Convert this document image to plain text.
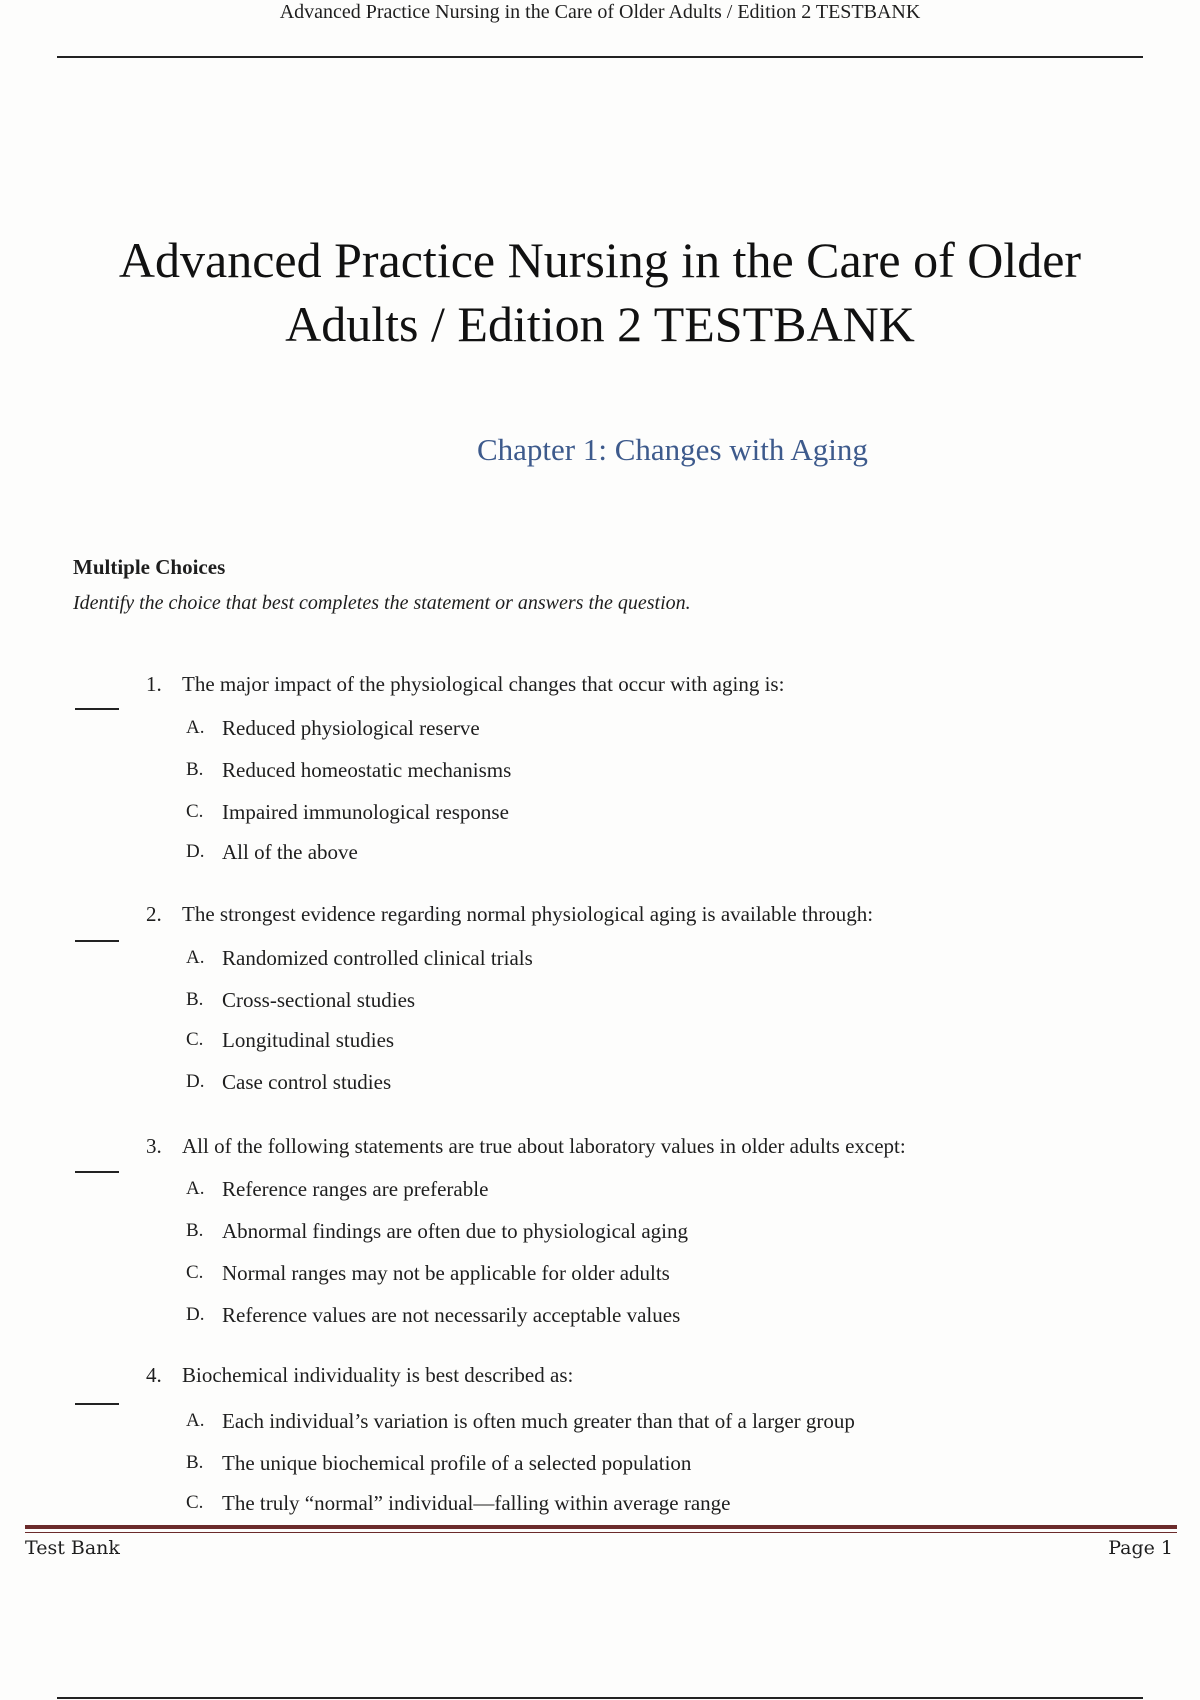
Advanced Practice Nursing in the Care of Older Adults / Edition 2 TESTBANK
Advanced Practice Nursing in the Care of Older
Adults / Edition 2 TESTBANK
Chapter 1: Changes with Aging
Multiple Choices
Identify the choice that best completes the statement or answers the question.
1. The major impact of the physiological changes that occur with aging is:
A. Reduced physiological reserve
B. Reduced homeostatic mechanisms
C. Impaired immunological response
D. All of the above
2. The strongest evidence regarding normal physiological aging is available through:
A. Randomized controlled clinical trials
B. Cross-sectional studies
C. Longitudinal studies
D. Case control studies
3. All of the following statements are true about laboratory values in older adults except:
A. Reference ranges are preferable
B. Abnormal findings are often due to physiological aging
C. Normal ranges may not be applicable for older adults
D. Reference values are not necessarily acceptable values
4. Biochemical individuality is best described as:
A. Each individual’s variation is often much greater than that of a larger group
B. The unique biochemical profile of a selected population
C. The truly “normal” individual—falling within average range
Test Bank	Page 1
